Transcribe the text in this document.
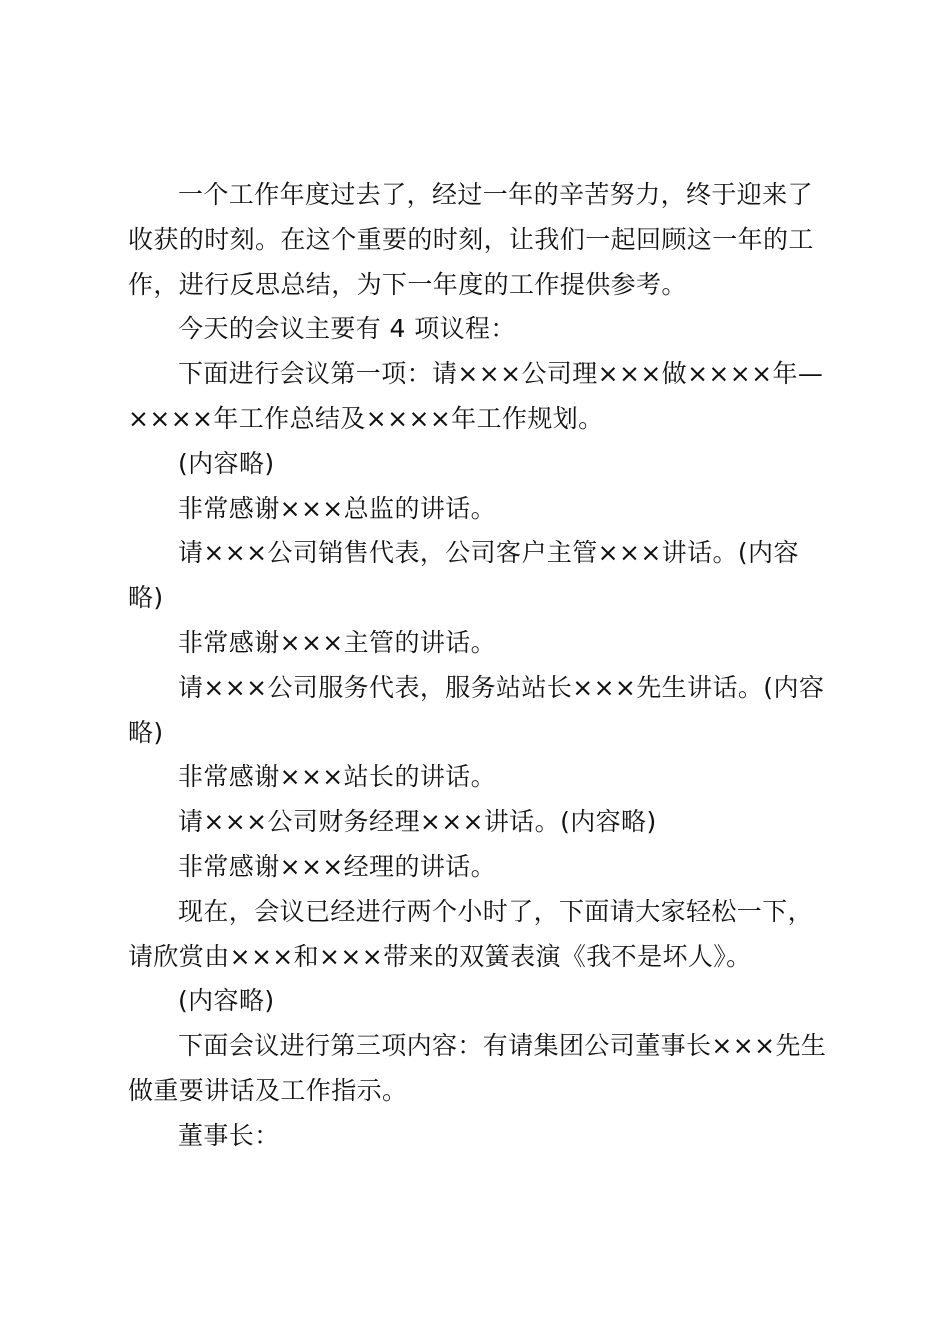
一个工作年度过去了，经过一年的辛苦努力，终于迎来了收获的时刻。在这个重要的时刻，让我们一起回顾这一年的工作，进行反思总结，为下一年度的工作提供参考。

今天的会议主要有 4 项议程：

下面进行会议第一项：请×××公司理×××做××××年—××××年工作总结及××××年工作规划。

(内容略)

非常感谢×××总监的讲话。

请×××公司销售代表，公司客户主管×××讲话。(内容略)

非常感谢×××主管的讲话。

请×××公司服务代表，服务站站长×××先生讲话。(内容略)

非常感谢×××站长的讲话。

请×××公司财务经理×××讲话。(内容略)

非常感谢×××经理的讲话。

现在，会议已经进行两个小时了，下面请大家轻松一下，请欣赏由×××和×××带来的双簧表演《我不是坏人》。

(内容略)

下面会议进行第三项内容：有请集团公司董事长×××先生做重要讲话及工作指示。

董事长：
